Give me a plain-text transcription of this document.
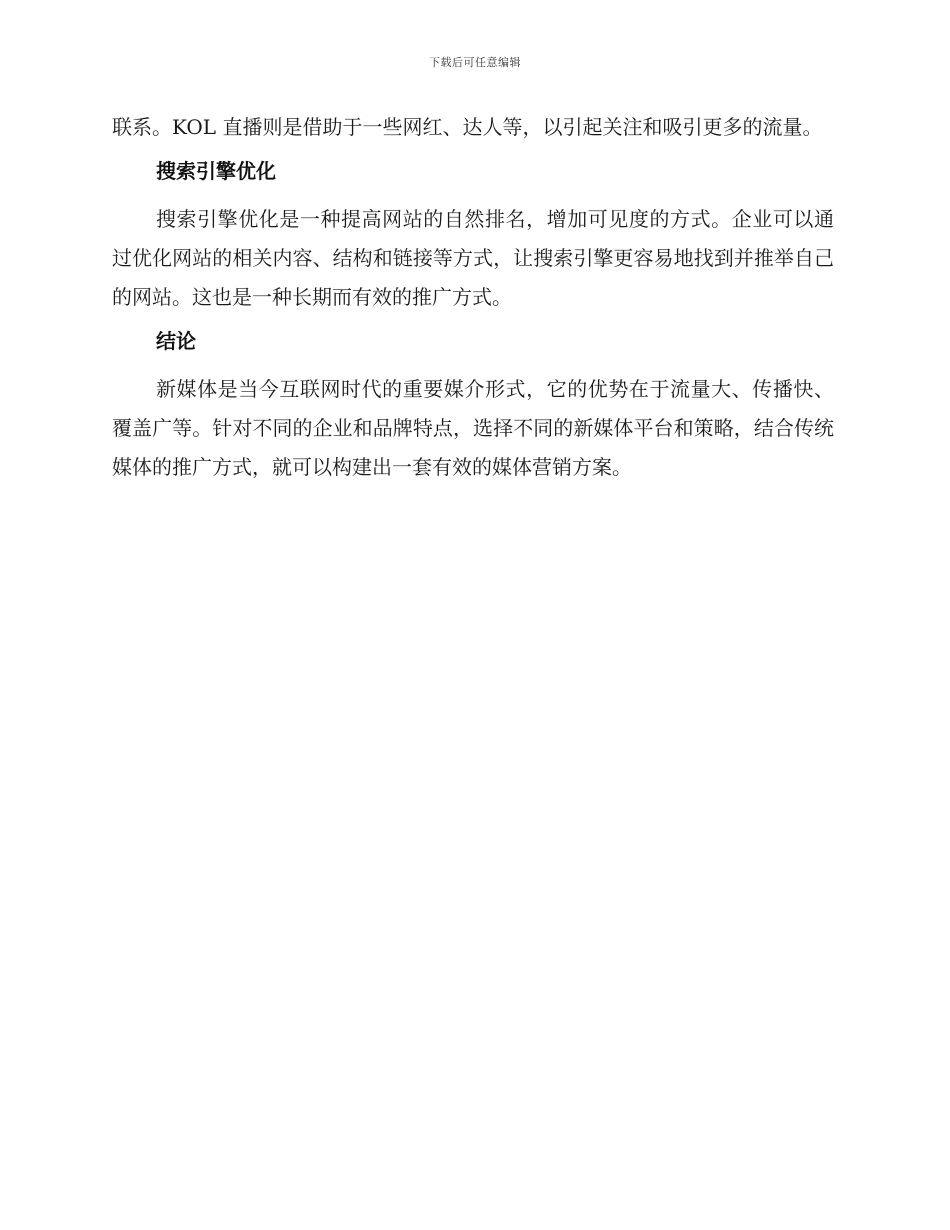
下载后可任意编辑

联系。KOL 直播则是借助于一些网红、达人等，以引起关注和吸引更多的流量。

搜索引擎优化

搜索引擎优化是一种提高网站的自然排名，增加可见度的方式。企业可以通过优化网站的相关内容、结构和链接等方式，让搜索引擎更容易地找到并推举自己的网站。这也是一种长期而有效的推广方式。

结论

新媒体是当今互联网时代的重要媒介形式，它的优势在于流量大、传播快、覆盖广等。针对不同的企业和品牌特点，选择不同的新媒体平台和策略，结合传统媒体的推广方式，就可以构建出一套有效的媒体营销方案。
